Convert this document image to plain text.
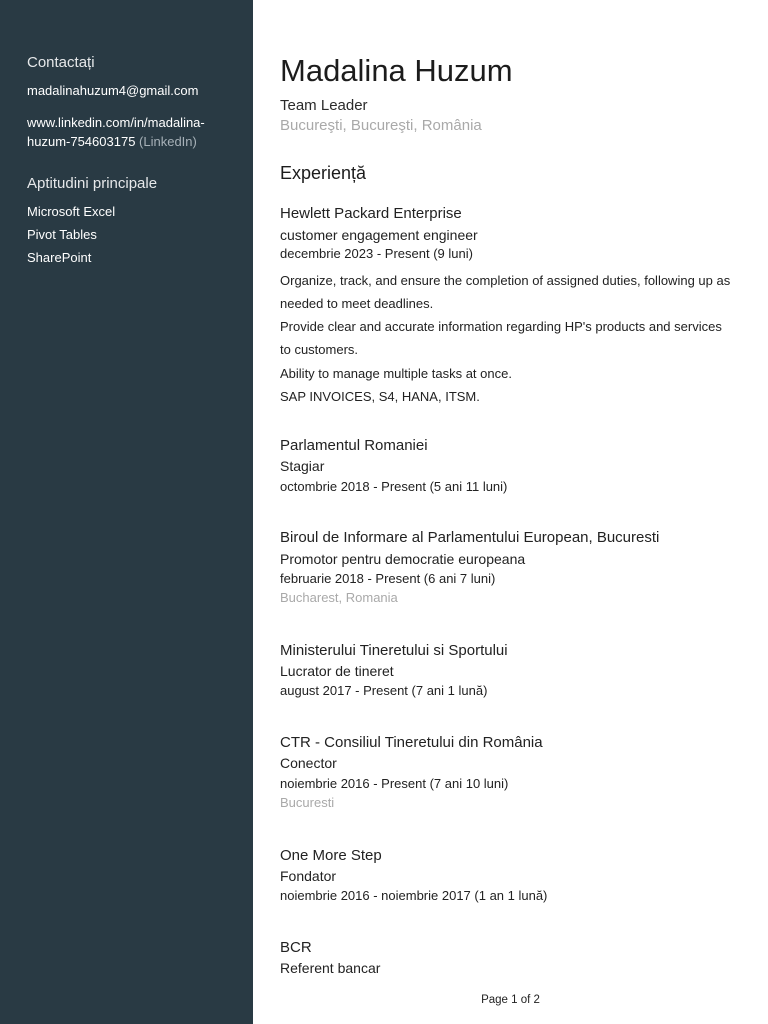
Contactați
madalinahuzum4@gmail.com
www.linkedin.com/in/madalina-
huzum-754603175 (LinkedIn)
Aptitudini principale
Microsoft Excel
Pivot Tables
SharePoint
Madalina Huzum
Team Leader
Bucureşti, Bucureşti, România
Experiență
Hewlett Packard Enterprise
customer engagement engineer
decembrie 2023 - Present (9 luni)
Organize, track, and ensure the completion of assigned duties, following up as
needed to meet deadlines.
Provide clear and accurate information regarding HP's products and services
to customers.
Ability to manage multiple tasks at once.
SAP INVOICES, S4, HANA, ITSM.
Parlamentul Romaniei
Stagiar
octombrie 2018 - Present (5 ani 11 luni)
Biroul de Informare al Parlamentului European, Bucuresti
Promotor pentru democratie europeana
februarie 2018 - Present (6 ani 7 luni)
Bucharest, Romania
Ministerului Tineretului si Sportului
Lucrator de tineret
august 2017 - Present (7 ani 1 lună)
CTR - Consiliul Tineretului din România
Conector
noiembrie 2016 - Present (7 ani 10 luni)
Bucuresti
One More Step
Fondator
noiembrie 2016 - noiembrie 2017 (1 an 1 lună)
BCR
Referent bancar
Page 1 of 2
